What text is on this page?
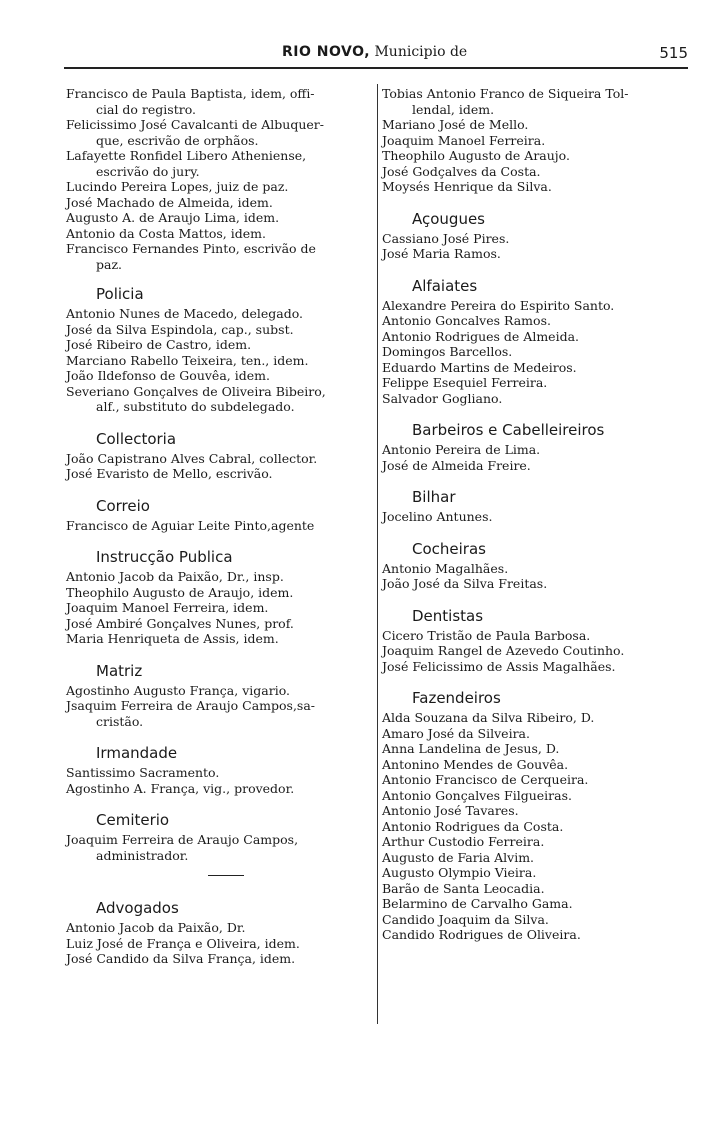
RIO NOVO, Municipio de	515
Francisco de Paula Baptista, idem, offi-
cial do registro.
Felicissimo José Cavalcanti de Albuquer-
que, escrivão de orphãos.
Lafayette Ronfidel Libero Atheniense,
escrivão do jury.
Lucindo Pereira Lopes, juiz de paz.
José Machado de Almeida, idem.
Augusto A. de Araujo Lima, idem.
Antonio da Costa Mattos, idem.
Francisco Fernandes Pinto, escrivão de
paz.
Policia
Antonio Nunes de Macedo, delegado.
José da Silva Espindola, cap., subst.
José Ribeiro de Castro, idem.
Marciano Rabello Teixeira, ten., idem.
João Ildefonso de Gouvêa, idem.
Severiano Gonçalves de Oliveira Bibeiro,
alf., substituto do subdelegado.
Collectoria
João Capistrano Alves Cabral, collector.
José Evaristo de Mello, escrivão.
Correio
Francisco de Aguiar Leite Pinto,agente
Instrucção Publica
Antonio Jacob da Paixão, Dr., insp.
Theophilo Augusto de Araujo, idem.
Joaquim Manoel Ferreira, idem.
José Ambiré Gonçalves Nunes, prof.
Maria Henriqueta de Assis, idem.
Matriz
Agostinho Augusto França, vigario.
Jsaquim Ferreira de Araujo Campos,sa-
cristão.
Irmandade
Santissimo Sacramento.
Agostinho A. França, vig., provedor.
Cemiterio
Joaquim Ferreira de Araujo Campos,
administrador.
Advogados
Antonio Jacob da Paixão, Dr.
Luiz José de França e Oliveira, idem.
José Candido da Silva França, idem.
Tobias Antonio Franco de Siqueira Tol-
lendal, idem.
Mariano José de Mello.
Joaquim Manoel Ferreira.
Theophilo Augusto de Araujo.
José Godçalves da Costa.
Moysés Henrique da Silva.
Açougues
Cassiano José Pires.
José Maria Ramos.
Alfaiates
Alexandre Pereira do Espirito Santo.
Antonio Goncalves Ramos.
Antonio Rodrigues de Almeida.
Domingos Barcellos.
Eduardo Martins de Medeiros.
Felippe Esequiel Ferreira.
Salvador Gogliano.
Barbeiros e Cabelleireiros
Antonio Pereira de Lima.
José de Almeida Freire.
Bilhar
Jocelino Antunes.
Cocheiras
Antonio Magalhães.
João José da Silva Freitas.
Dentistas
Cicero Tristão de Paula Barbosa.
Joaquim Rangel de Azevedo Coutinho.
José Felicissimo de Assis Magalhães.
Fazendeiros
Alda Souzana da Silva Ribeiro, D.
Amaro José da Silveira.
Anna Landelina de Jesus, D.
Antonino Mendes de Gouvêa.
Antonio Francisco de Cerqueira.
Antonio Gonçalves Filgueiras.
Antonio José Tavares.
Antonio Rodrigues da Costa.
Arthur Custodio Ferreira.
Augusto de Faria Alvim.
Augusto Olympio Vieira.
Barão de Santa Leocadia.
Belarmino de Carvalho Gama.
Candido Joaquim da Silva.
Candido Rodrigues de Oliveira.
